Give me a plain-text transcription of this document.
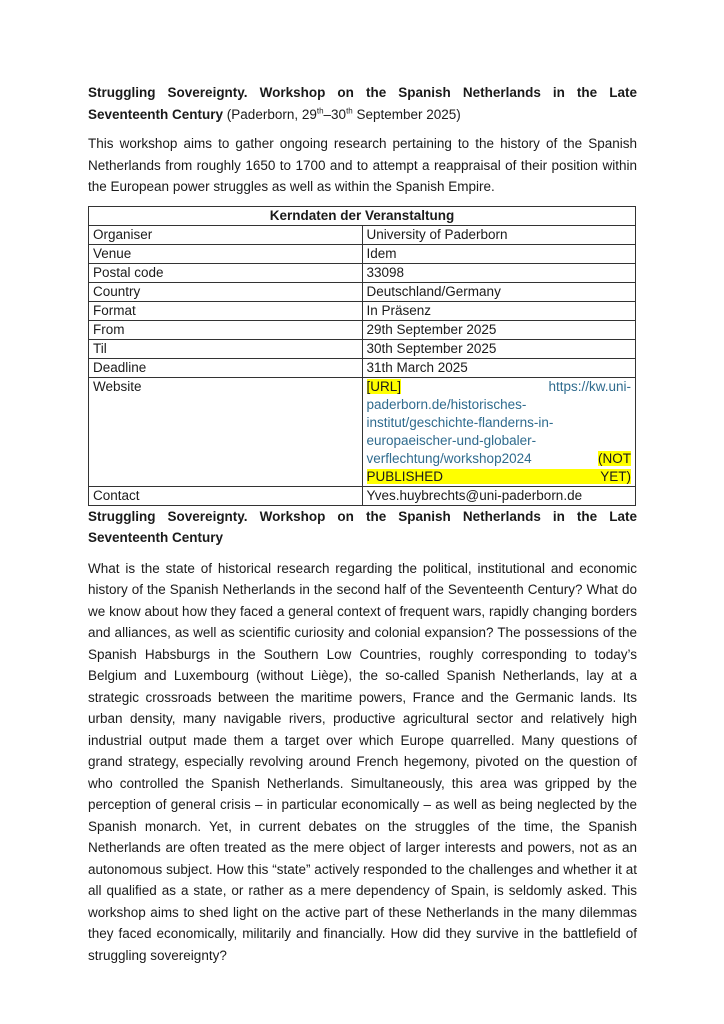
Struggling Sovereignty. Workshop on the Spanish Netherlands in the Late Seventeenth Century (Paderborn, 29th–30th September 2025)

This workshop aims to gather ongoing research pertaining to the history of the Spanish Netherlands from roughly 1650 to 1700 and to attempt a reappraisal of their position within the European power struggles as well as within the Spanish Empire.

Kerndaten der Veranstaltung	
Organiser	University of Paderborn
Venue	Idem
Postal code	33098
Country	Deutschland/Germany
Format	In Präsenz
From	29th September 2025
Til	30th September 2025
Deadline	31th March 2025
Website	[URL] https://kw.uni-paderborn.de/historisches-institut/geschichte-flanderns-in-europaeischer-und-globaler-verflechtung/workshop2024 (NOT PUBLISHED YET)
Contact	Yves.huybrechts@uni-paderborn.de

Struggling Sovereignty. Workshop on the Spanish Netherlands in the Late Seventeenth Century

What is the state of historical research regarding the political, institutional and economic history of the Spanish Netherlands in the second half of the Seventeenth Century? What do we know about how they faced a general context of frequent wars, rapidly changing borders and alliances, as well as scientific curiosity and colonial expansion? The possessions of the Spanish Habsburgs in the Southern Low Countries, roughly corresponding to today’s Belgium and Luxembourg (without Liège), the so-called Spanish Netherlands, lay at a strategic crossroads between the maritime powers, France and the Germanic lands. Its urban density, many navigable rivers, productive agricultural sector and relatively high industrial output made them a target over which Europe quarrelled. Many questions of grand strategy, especially revolving around French hegemony, pivoted on the question of who controlled the Spanish Netherlands. Simultaneously, this area was gripped by the perception of general crisis – in particular economically – as well as being neglected by the Spanish monarch. Yet, in current debates on the struggles of the time, the Spanish Netherlands are often treated as the mere object of larger interests and powers, not as an autonomous subject. How this “state” actively responded to the challenges and whether it at all qualified as a state, or rather as a mere dependency of Spain, is seldomly asked. This workshop aims to shed light on the active part of these Netherlands in the many dilemmas they faced economically, militarily and financially. How did they survive in the battlefield of struggling sovereignty?
